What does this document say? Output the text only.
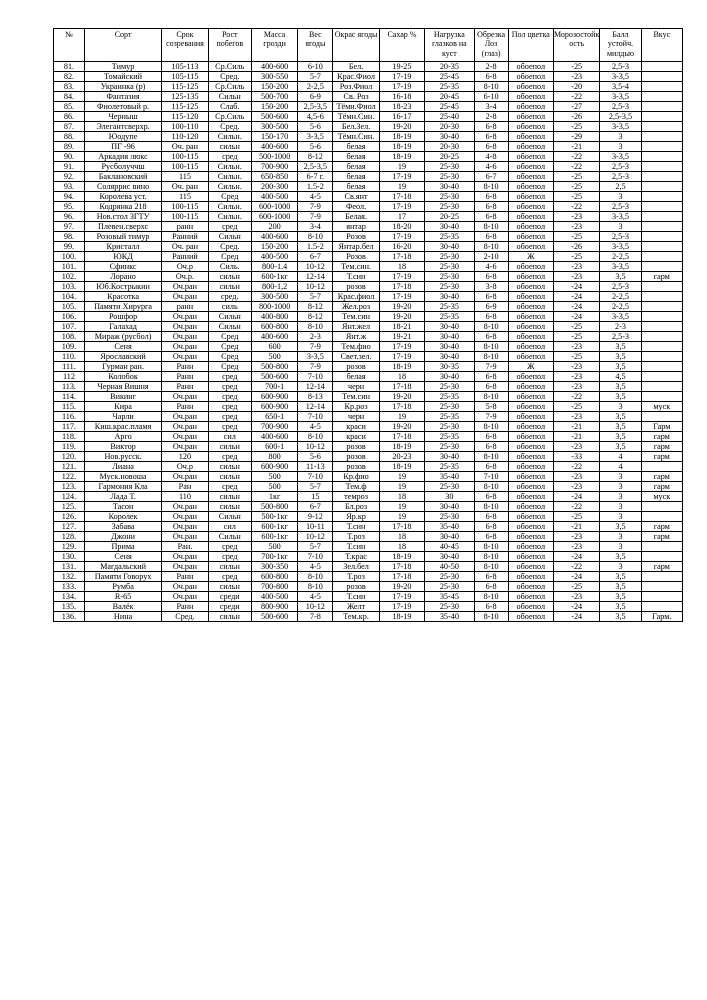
№	Сорт	Срок созревания	Рост побегов	Масса грозди	Вес ягоды	Окрас ягоды	Сахар %	Нагрузка глазков на куст	Обрезка Лоз (глаз)	Пол цветка	Морозостойк ость	Балл устойч. милдью	Вкус
81.	Тимур	105-113	Ср.Силь	400-600	6-10	Бел.	19-25	20-35	2-8	обоепол	-25	2,5-3	
82.	Томайский	105-115	Сред.	300-550	5-7	Крас.Фиол	17-19	25-45	6-8	обоепол	-23	3-3,5	
83.	Украинка (р)	115-125	Ср.Силь	150-200	2-2,5	Роз.Фиол	17-19	25-35	8-10	обоепол	-20	3,5-4	
84.	Фантазия	125-135	Сильн	500-700	6-9	Св. Роз	16-18	20-45	6-10	обоепол	-22	3-3,5	
85.	Фиолетовый р.	115-125	Слаб.	150-200	2,5-3,5	Тёмн.Фиол	18-23	25-45	3-4	обоепол	-27	2,5-3	
86.	Черныш	115-120	Ср.Силь	500-600	4,5-6	Тёмн.Син.	16-17	25-40	2-8	обоепол	-26	2,5-3,5	
87.	Элегантсверхр.	100-110	Сред.	300-500	5-6	Бел.Зел.	19-20	20-30	6-8	обоепол	-25	3-3,5	
88.	Юодупе	110-120	Сильн.	150-170	3-3,5	Тёмн.Син.	18-19	30-40	6-8	обоепол	-29	3	
89.	ПГ -96	Оч. ран	сильн	400-600	5-6	белая	18-19	20-30	6-8	обоепол	-21	3	
90.	Аркадия люкс	100-115	сред	500-1000	8-12	белая	18-19	20-25	4-8	обоепол	-22	3-3,5	
91.	Русболуччш	100-115	Сильн.	700-900	2,5-3,5	белая	19	25-30	4-6	обоепол	-22	2,5-3	
92.	Баклановский	115	Сильн.	650-850	6-7 г.	белая	17-19	25-30	6-7	обоепол	-25	2,5-3	
93.	Соляррис вино	Оч. ран	Сильн.	200-300	1.5-2	белая	19	30-40	8-10	обоепол	-25	2,5	
94.	Королева уст.	115	Сред	400-500	4-5	Св.янт	17-18	25-30	6-8	обоепол	-25	3	
95.	Кодрянка 218	100-115	Сильн.	600-1000	7-9	Феол.	17-19	25-30	6-8	обоепол	-22	2,5-3	
96.	Нов.стол ЗГТУ	100-115	Сильн.	600-1000	7-9	Белая.	17	20-25	6-8	обоепол	-23	3-3,5	
97.	Плевен.сверхс	ранн	сред	200	3-4	янтар	18-20	30-40	8-10	обоепол	-23	3	
98.	Розовый тимур	Ранний	Сильн	400-600	8-10	Розов	17-19	25-35	6-8	обоепол	-25	2,5-3	
99.	Кристалл	Оч. ран	Сред.	150-200	1.5-2	Янтар.бел	16-20	30-40	8-10	обоепол	-26	3-3,5	
100.	ЮКД	Ранний	Сред	400-500	6-7	Розов	17-18	25-30	2-10	Ж	-25	2-2,5	
101.	Сфинкс	Оч.р	Силь.	800-1.4	10-12	Тем.син.	18	25-30	4-6	обоепол	-23	3-3,5	
102.	Лорано	Оч.р.	сильн	600-1кг	12-14	Т.син	17-19	25-30	6-8	обоепол	-23	3,5	гарм
103.	Юб.Кострыкин	Оч.ран	сильн	800-1,2	10-12	розов	17-18	25-30	3-8	обоепол	-24	2,5-3	
104.	Красотка	Оч.ран	сред.	300-500	5-7	Крас.фиол	17-19	30-40	6-8	обоепол	-24	2-2,5	
105.	Памяти Хирурга	ранн	силь	800-1000	8-12	Жел.роз	19-20	25-35	6-9	обоепол	-24	2-2,5	
106.	Рошфор	Оч.ран	Сильн	400-800	8-12	Тем.син	19-20	25-35	6-8	обоепол	-24	3-3,5	
107.	Галахад	Оч.ран	Сильн	600-800	8-10	Янт.жел	18-21	30-40	8-10	обоепол	-25	2-3	
108.	Мираж (русбол)	Оч.ран	Сред	400-600	2-3	Янт.ж	19-21	30-40	6-8	обоепол	-25	2,5-3	
109.	Сеня	Оч.ран	Сред	600	7-9	Тем.фио	17-19	30-40	8-10	обоепол	-23	3,5	
110.	Ярославский	Оч.ран	Сред	500	3-3,5	Свет.зел.	17-19	30-40	8-10	обоепол	-25	3,5	
111.	Гурман ран.	Ранн	Сред	500-800	7-9	розов	18-19	30-35	7-9	Ж	-23	3,5	
112	Колобок	Ранн	сред	500-600	7-10	белая	18	30-40	6-8	обоепол	-23	4,5	
113.	Черная Вишня	Ранн	сред	700-1	12-14	черн	17-18	25-30	6-8	обоепол	-23	3,5	
114.	Викинг	Оч.ран	сред	600-900	8-13	Тем.син	19-20	25-35	8-10	обоепол	-22	3,5	
115.	Кира	Ранн	сред	600-900	12-14	Кр.роз	17-18	25-30	5-8	обоепол	-25	3	муск
116.	Чарли	Оч.ран	сред	650-1	7-10	черн	19	25-35	7-9	обоепол	-23	3,5	
117.	Киш.крас.пламя	Оч.ран	сред	700-900	4-5	краси	19-20	25-30	8-10	обоепол	-21	3,5	Гарм
118.	Арго	Оч.ран	сил	400-600	8-10	краси	17-18	25-35	6-8	обоепол	-21	3,5	гарм
119.	Виктор	Оч.ран	сильн	600-1	10-12	розов	18-19	25-30	6-8	обоепол	-23	3,5	гарм
120.	Нов.русск.	120	сред	800	5-6	розов	20-23	30-40	8-10	обоепол	-33	4	гарм
121.	Лиана	Оч.р	сильн	600-900	11-13	розов	18-19	25-35	6-8	обоепол	-22	4	
122.	Муск.новоша	Оч.ран	сильн	500	7-10	Кр.фио	19	35-40	7-10	обоепол	-23	3	гарм
123.	Гармония Кла	Ран	сред	500	5-7	Тем.ф	19	25-30	8-10	обоепол	-23	3	гарм
124.	Лада Т.	110	сильн	1кг	15	темроз	18	30	6-8	обоепол	-24	3	муск
125.	Тасон	Оч.ран	сильн	500-800	6-7	Бл.роз	19	30-40	8-10	обоепол	-22	3	
126.	Королек	Оч.ран	Сильн	500-1кг	9-12	Яр.кр	19	25-30	6-8	обоепол	-25	3	
127.	Забава	Оч.ран	сил	600-1кг	10-11	Т.син	17-18	35-40	6-8	обоепол	-21	3,5	гарм
128.	Джони	Оч.ран	Сильн	600-1кг	10-12	Т.роз	18	30-40	6-8	обоепол	-23	3	гарм
129.	Прима	Ран.	сред	500	5-7	Т.син	18	40-45	8-10	обоепол	-23	3	
130.	Сеня	Оч.ран	сред	700-1кг	7-10	Т.крас	18-19	30-40	8-10	обоепол	-24	3,5	
131.	Магдальский	Оч.ран	сильн	300-350	4-5	Зел.бел	17-18	40-50	8-10	обоепол	-22	3	гарм
132.	Памяти Говорух	Ранн	сред	600-800	8-10	Т.роз	17-18	25-30	6-8	обоепол	-24	3,5	
133.	Румба	Оч.ран	сильн	700-800	8-10	розов	19-20	25-30	6-8	обоепол	-25	3,5	
134.	R-65	Оч.ран	среди	400-500	4-5	Т.син	17-19	35-45	8-10	обоепол	-23	3,5	
135.	Валёк	Ранн	среди	800-900	10-12	Желт	17-19	25-30	6-8	обоепол	-24	3,5	
136.	Нина	Сред.	сильн	500-600	7-8	Тем.кр.	18-19	35-40	8-10	обоепол	-24	3,5	Гарм.
